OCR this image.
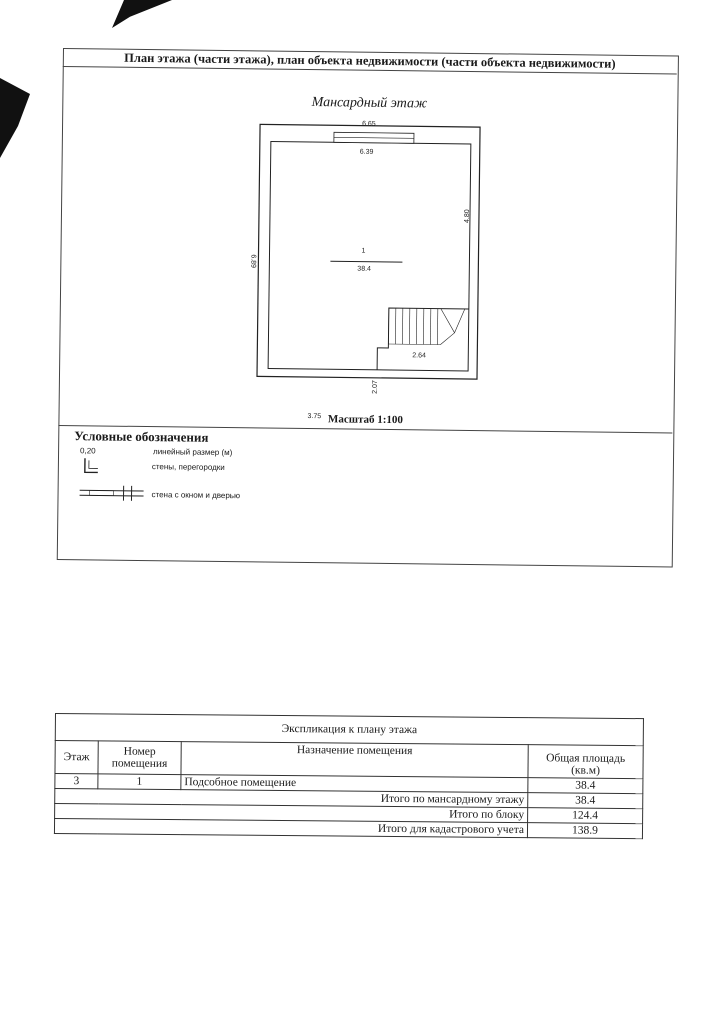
План этажа (части этажа), план объекта недвижимости (части объекта недвижимости)
Мансардный этаж
6.65
6.39
6.89
4.80
1
38.4
2.64
2.07
3.75 Масштаб 1:100
Условные обозначения
0,20	линейный размер (м)
стены, перегородки
стена с окном и дверью
Экспликация к плану этажа			
Этаж	Номер помещения	Назначение помещения	Общая площадь (кв.м)
3	1	Подсобное помещение	38.4
Итого по мансардному этажу			38.4
Итого по блоку			124.4
Итого для кадастрового учета			138.9
